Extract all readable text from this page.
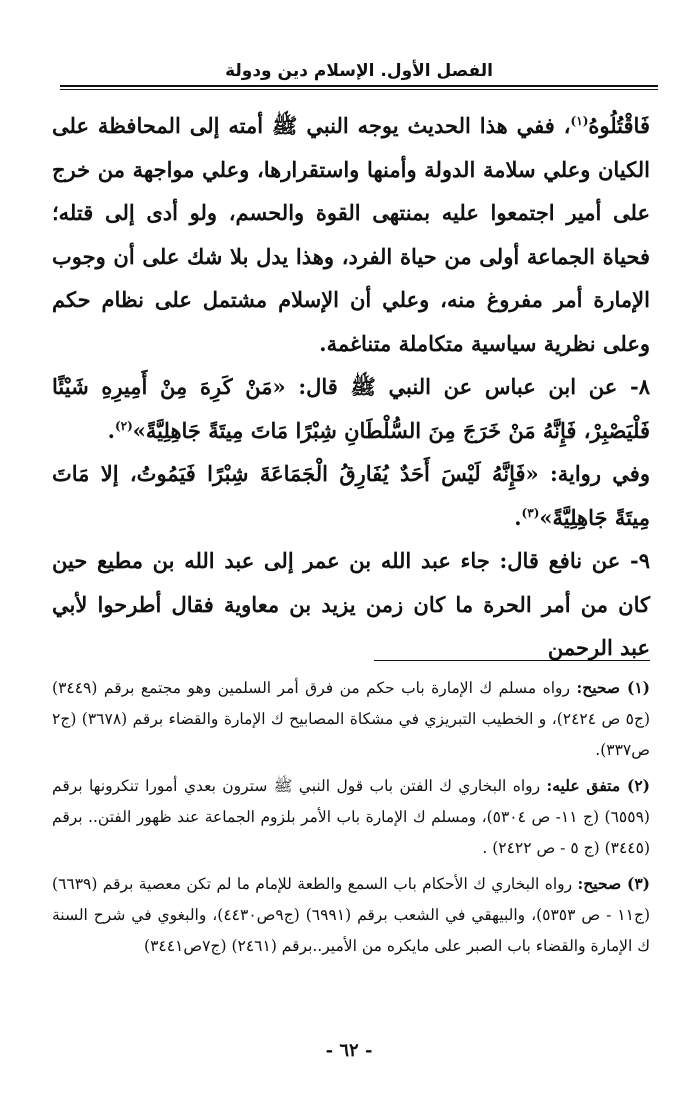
الفصل الأول. الإسلام دين ودولة

فَاقْتُلُوهُ$^{(١)}$، ففي هذا الحديث يوجه النبي ﷺ أمته إلى المحافظة على الكيان وعلي سلامة الدولة وأمنها واستقرارها، وعلي مواجهة من خرج على أمير اجتمعوا عليه بمنتهى القوة والحسم، ولو أدى إلى قتله؛ فحياة الجماعة أولى من حياة الفرد، وهذا يدل بلا شك على أن وجوب الإمارة أمر مفروغ منه، وعلي أن الإسلام مشتمل على نظام حكم وعلى نظرية سياسية متكاملة متناغمة.

٨- عن ابن عباس عن النبي ﷺ قال: «مَنْ كَرِهَ مِنْ أَمِيرِهِ شَيْئًا فَلْيَصْبِرْ، فَإِنَّهُ مَنْ خَرَجَ مِنَ السُّلْطَانِ شِبْرًا مَاتَ مِيتَةً جَاهِلِيَّةً»$^{(٢)}$.

وفي رواية: «فَإِنَّهُ لَيْسَ أَحَدٌ يُفَارِقُ الْجَمَاعَةَ شِبْرًا فَيَمُوتُ، إلا مَاتَ مِيتَةً جَاهِلِيَّةً»$^{(٣)}$.

٩- عن نافع قال: جاء عبد الله بن عمر إلى عبد الله بن مطيع حين كان من أمر الحرة ما كان زمن يزيد بن معاوية فقال أطرحوا لأبي عبد الرحمن

(١) صحيح: رواه مسلم ك الإمارة باب حكم من فرق أمر السلمين وهو مجتمع برقم (٣٤٤٩) (ج٥ ص ٢٤٢٤)، و الخطيب التبريزي في مشكاة المصابيح ك الإمارة والقضاء برقم (٣٦٧٨) (ج٢ ص٣٣٧).

(٢) متفق عليه: رواه البخاري ك الفتن باب قول النبي ﷺ سترون بعدي أمورا تنكرونها برقم (٦٥٥٩) (ج ١١- ص ٥٣٠٤)، ومسلم ك الإمارة باب الأمر بلزوم الجماعة عند ظهور الفتن.. برقم (٣٤٤٥) (ج ٥ - ص ٢٤٢٢) .

(٣) صحيح: رواه البخاري ك الأحكام باب السمع والطعة للإمام ما لم تكن معصية برقم (٦٦٣٩) (ج١١ - ص ٥٣٥٣)، والبيهقي في الشعب برقم (٦٩٩١) (ج٩ص٤٤٣٠)، والبغوي في شرح السنة ك الإمارة والقضاء باب الصبر على مايكره من الأمير..برقم (٢٤٦١) (ج٧ص٣٤٤١)

- ٦٢ -
